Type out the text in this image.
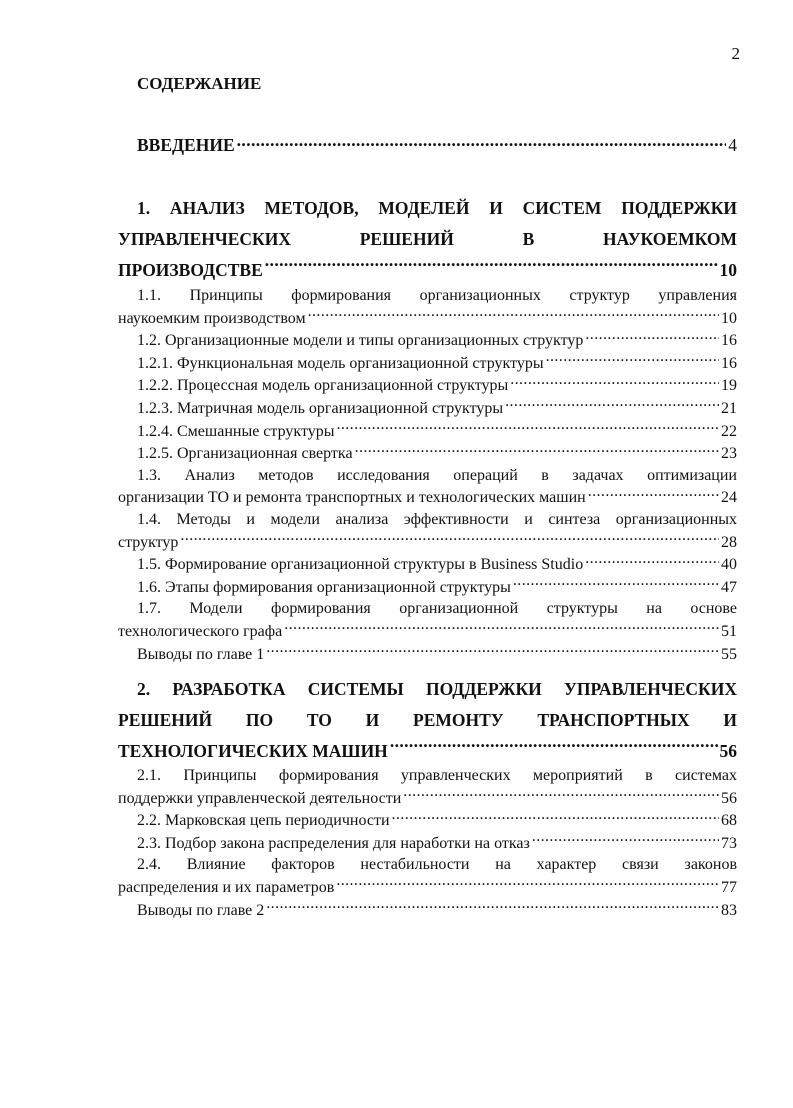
2
СОДЕРЖАНИЕ
ВВЕДЕНИЕ .....	4
1. АНАЛИЗ МЕТОДОВ, МОДЕЛЕЙ И СИСТЕМ ПОДДЕРЖКИ
УПРАВЛЕНЧЕСКИХ РЕШЕНИЙ В НАУКОЕМКОМ
ПРОИЗВОДСТВЕ .....	10
1.1. Принципы формирования организационных структур управления
наукоемким производством .....	10
1.2. Организационные модели и типы организационных структур .....	16
1.2.1. Функциональная модель организационной структуры .....	16
1.2.2. Процессная модель организационной структуры .....	19
1.2.3. Матричная модель организационной структуры .....	21
1.2.4. Смешанные структуры .....	22
1.2.5. Организационная свертка .....	23
1.3. Анализ методов исследования операций в задачах оптимизации
организации ТО и ремонта транспортных и технологических машин .....	24
1.4. Методы и модели анализа эффективности и синтеза организационных
структур .....	28
1.5. Формирование организационной структуры в Business Studio .....	40
1.6. Этапы формирования организационной структуры .....	47
1.7. Модели формирования организационной структуры на основе
технологического графа .....	51
Выводы по главе 1 .....	55
2. РАЗРАБОТКА СИСТЕМЫ ПОДДЕРЖКИ УПРАВЛЕНЧЕСКИХ
РЕШЕНИЙ ПО ТО И РЕМОНТУ ТРАНСПОРТНЫХ И
ТЕХНОЛОГИЧЕСКИХ МАШИН .....	56
2.1. Принципы формирования управленческих мероприятий в системах
поддержки управленческой деятельности .....	56
2.2. Марковская цепь периодичности .....	68
2.3. Подбор закона распределения для наработки на отказ .....	73
2.4. Влияние факторов нестабильности на характер связи законов
распределения и их параметров .....	77
Выводы по главе 2 .....	83
